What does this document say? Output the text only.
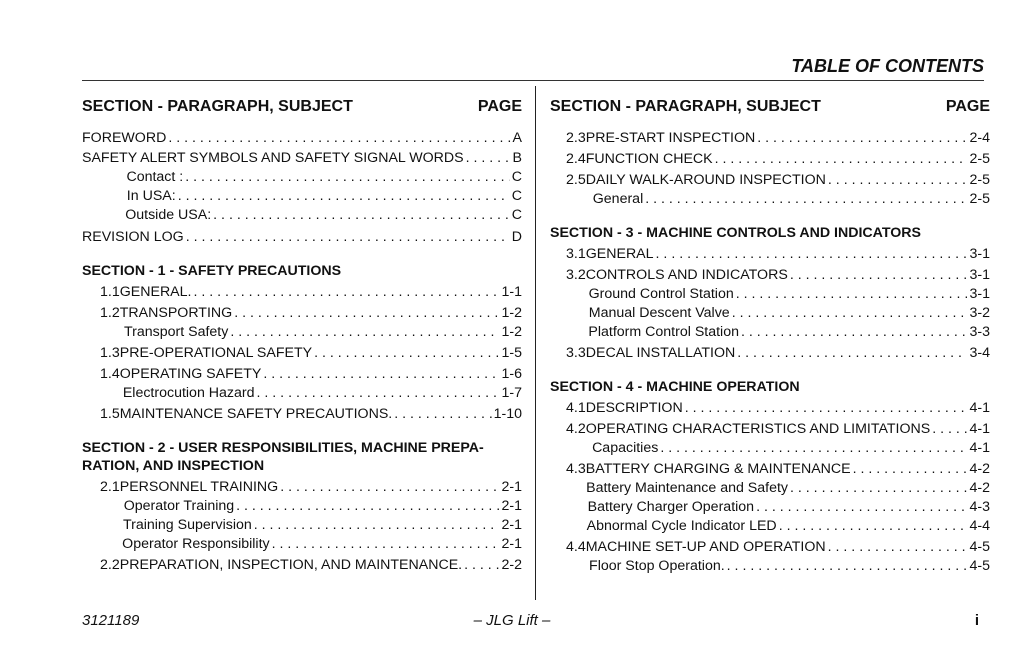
TABLE OF CONTENTS
SECTION - PARAGRAPH, SUBJECT	PAGE
FOREWORD . . .	A
SAFETY ALERT SYMBOLS AND SAFETY SIGNAL WORDS . . .	B
Contact : . . .	C
In USA: . . .	C
Outside USA: . . .	C
REVISION LOG . . .	D
SECTION - 1 - SAFETY PRECAUTIONS
1.1 GENERAL. . . .	1-1
1.2 TRANSPORTING . . .	1-2
Transport Safety . . .	1-2
1.3 PRE-OPERATIONAL SAFETY . . .	1-5
1.4 OPERATING SAFETY . . .	1-6
Electrocution Hazard . . .	1-7
1.5 MAINTENANCE SAFETY PRECAUTIONS. . . .	1-10
SECTION - 2 - USER RESPONSIBILITIES, MACHINE PREPA-
RATION, AND INSPECTION
2.1 PERSONNEL TRAINING . . .	2-1
Operator Training . . .	2-1
Training Supervision . . .	2-1
Operator Responsibility . . .	2-1
2.2 PREPARATION, INSPECTION, AND MAINTENANCE. . . .	2-2
SECTION - PARAGRAPH, SUBJECT	PAGE
2.3 PRE-START INSPECTION . . .	2-4
2.4 FUNCTION CHECK . . .	2-5
2.5 DAILY WALK-AROUND INSPECTION . . .	2-5
General . . .	2-5
SECTION - 3 - MACHINE CONTROLS AND INDICATORS
3.1 GENERAL . . .	3-1
3.2 CONTROLS AND INDICATORS . . .	3-1
Ground Control Station . . .	3-1
Manual Descent Valve . . .	3-2
Platform Control Station . . .	3-3
3.3 DECAL INSTALLATION . . .	3-4
SECTION - 4 - MACHINE OPERATION
4.1 DESCRIPTION . . .	4-1
4.2 OPERATING CHARACTERISTICS AND LIMITATIONS . . .	4-1
Capacities . . .	4-1
4.3 BATTERY CHARGING & MAINTENANCE . . .	4-2
Battery Maintenance and Safety . . .	4-2
Battery Charger Operation . . .	4-3
Abnormal Cycle Indicator LED . . .	4-4
4.4 MACHINE SET-UP AND OPERATION . . .	4-5
Floor Stop Operation. . . .	4-5
3121189	– JLG Lift –	i
